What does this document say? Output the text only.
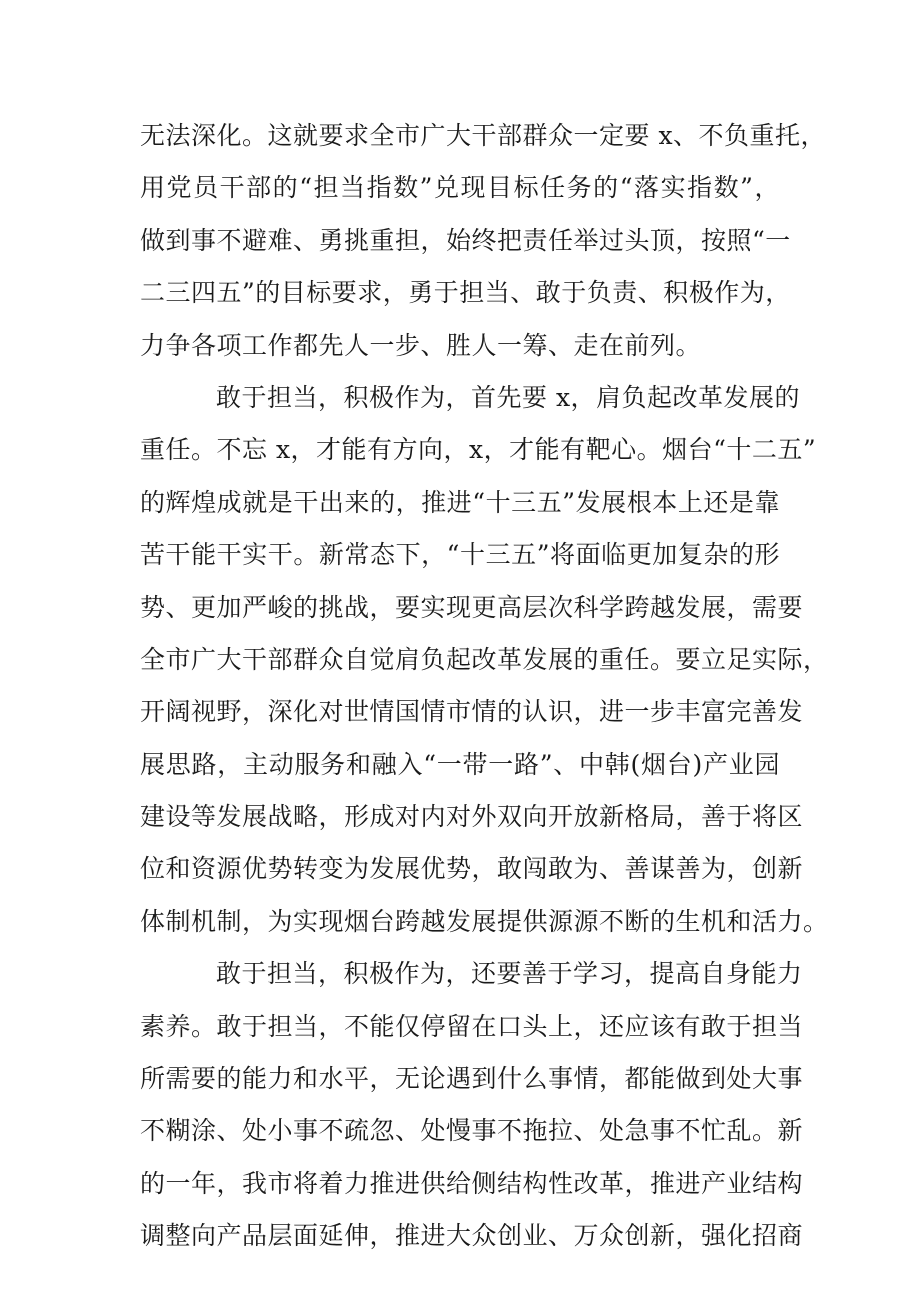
无法深化。这就要求全市广大干部群众一定要 x、不负重托，
用党员干部的“担当指数”兑现目标任务的“落实指数”，
做到事不避难、勇挑重担，始终把责任举过头顶，按照“一
二三四五”的目标要求，勇于担当、敢于负责、积极作为，
力争各项工作都先人一步、胜人一筹、走在前列。
敢于担当，积极作为，首先要 x，肩负起改革发展的
重任。不忘 x，才能有方向，x，才能有靶心。烟台“十二五”
的辉煌成就是干出来的，推进“十三五”发展根本上还是靠
苦干能干实干。新常态下，“十三五”将面临更加复杂的形
势、更加严峻的挑战，要实现更高层次科学跨越发展，需要
全市广大干部群众自觉肩负起改革发展的重任。要立足实际，
开阔视野，深化对世情国情市情的认识，进一步丰富完善发
展思路，主动服务和融入“一带一路”、中韩(烟台)产业园
建设等发展战略，形成对内对外双向开放新格局，善于将区
位和资源优势转变为发展优势，敢闯敢为、善谋善为，创新
体制机制，为实现烟台跨越发展提供源源不断的生机和活力。
敢于担当，积极作为，还要善于学习，提高自身能力
素养。敢于担当，不能仅停留在口头上，还应该有敢于担当
所需要的能力和水平，无论遇到什么事情，都能做到处大事
不糊涂、处小事不疏忽、处慢事不拖拉、处急事不忙乱。新
的一年，我市将着力推进供给侧结构性改革，推进产业结构
调整向产品层面延伸，推进大众创业、万众创新，强化招商
